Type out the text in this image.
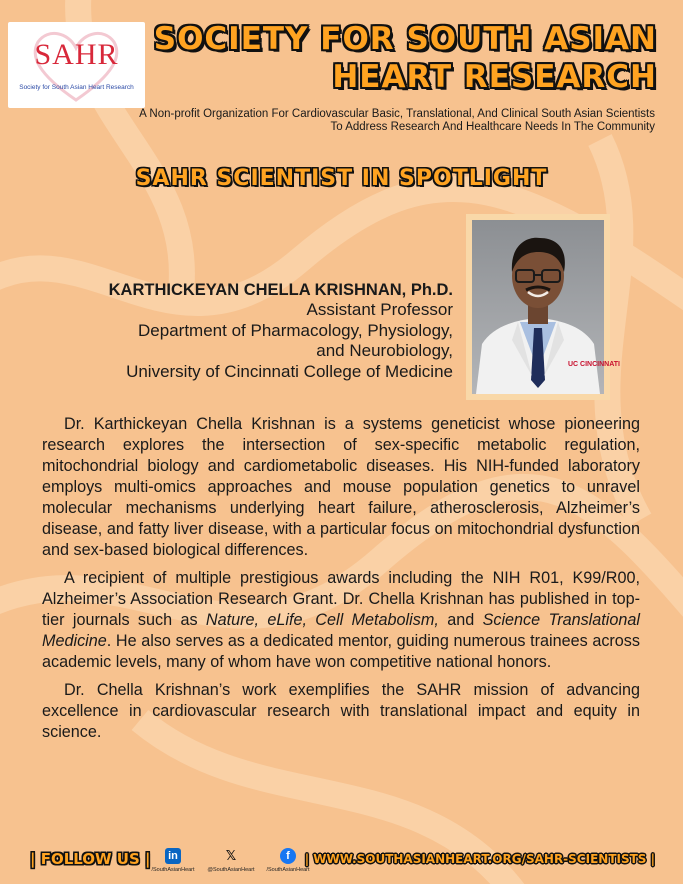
SAHR
Society for South Asian Heart Research
SOCIETY FOR SOUTH ASIAN HEART RESEARCH
A Non-profit Organization For Cardiovascular Basic, Translational, And Clinical South Asian Scientists To Address Research And Healthcare Needs In The Community
SAHR SCIENTIST IN SPOTLIGHT
UC CINCINNATI
KARTHICKEYAN CHELLA KRISHNAN, Ph.D.
Assistant Professor
Department of Pharmacology, Physiology,
and Neurobiology,
University of Cincinnati College of Medicine

Dr. Karthickeyan Chella Krishnan is a systems geneticist whose pioneering research explores the intersection of sex-specific metabolic regulation, mitochondrial biology and cardiometabolic diseases. His NIH-funded laboratory employs multi-omics approaches and mouse population genetics to unravel molecular mechanisms underlying heart failure, atherosclerosis, Alzheimer’s disease, and fatty liver disease, with a particular focus on mitochondrial dysfunction and sex-based biological differences.

A recipient of multiple prestigious awards including the NIH R01, K99/R00, Alzheimer’s Association Research Grant. Dr. Chella Krishnan has published in top-tier journals such as Nature, eLife, Cell Metabolism, and Science Translational Medicine. He also serves as a dedicated mentor, guiding numerous trainees across academic levels, many of whom have won competitive national honors.

Dr. Chella Krishnan’s work exemplifies the SAHR mission of advancing excellence in cardiovascular research with translational impact and equity in science.

| FOLLOW US | in
/SouthAsianHeart
𝕏
@SouthAsianHeart
f
/SouthAsianHeart
| WWW.SOUTHASIANHEART.ORG/SAHR-SCIENTISTS |
